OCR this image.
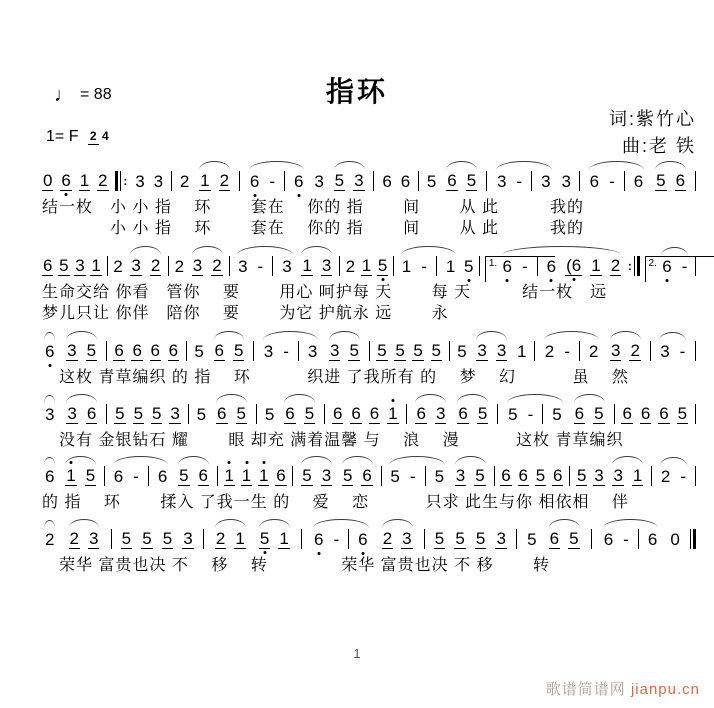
♩ = 88	指环
1= F 2 4
词:紫竹心
曲:老 铁
0 6 1 2 : 3 3 2 1 2 6 - 6 3 5 3 6 6 5 6 5 3 - 3 3 6 - 6 5 6
结一枚　小 小 指　 环　　 套在　 你的 指　　 间　　 从 此　　　我的
　　　　小 小 指　 环　　 套在　 你的 指　　 间　　 从 此　　　我的
6 5 3 1 2 3 2 2 3 2 3 - 3 1 3 2 1 5 1 - 1 5	1. 6 - 6 (6 1 2 :	2. 6 -
生命交给 你看　管你　 要　　 用心 呵护每 天　　 每 天　　　结一枚　远
梦儿只让 你伴　陪你　 要　　 为它 护航永 远　　 永
6 3 5 6 6 6 6 5 6 5 3 - 3 3 5 5 5 5 5 5 3 3 1 2 - 2 3 2 3 -
　这枚 青草编织 的 指　 环　　　 织进 了我所有 的　 梦　 幻　　　 虽　 然
3 3 6 5 5 5 3 5 6 5 5 6 5 6 6 6 1 6 3 6 5 5 - 5 6 5 6 6 6 5
　没有 金银钻石 耀　　 眼 却充 满着温馨 与　 浪　 漫　　　 这枚 青草编织
6 1 5 6 - 6 5 6 1 1 1 6 5 3 5 6 5 - 5 3 5 6 6 5 6 5 3 3 1 2 -
的 指　 环　　 揉入 了我一生 的　 爱　 恋　　　 只求 此生与你 相依相　 伴
2 2 3 5 5 5 3 2 1 5 1 6 - 6 2 3 5 5 5 3 5 6 5 6 - 6 0
　荣华 富贵也决 不　 移　 转　　　　 荣华 富贵也决 不 移　　 转
1
歌谱简谱网 jianpu.cn
